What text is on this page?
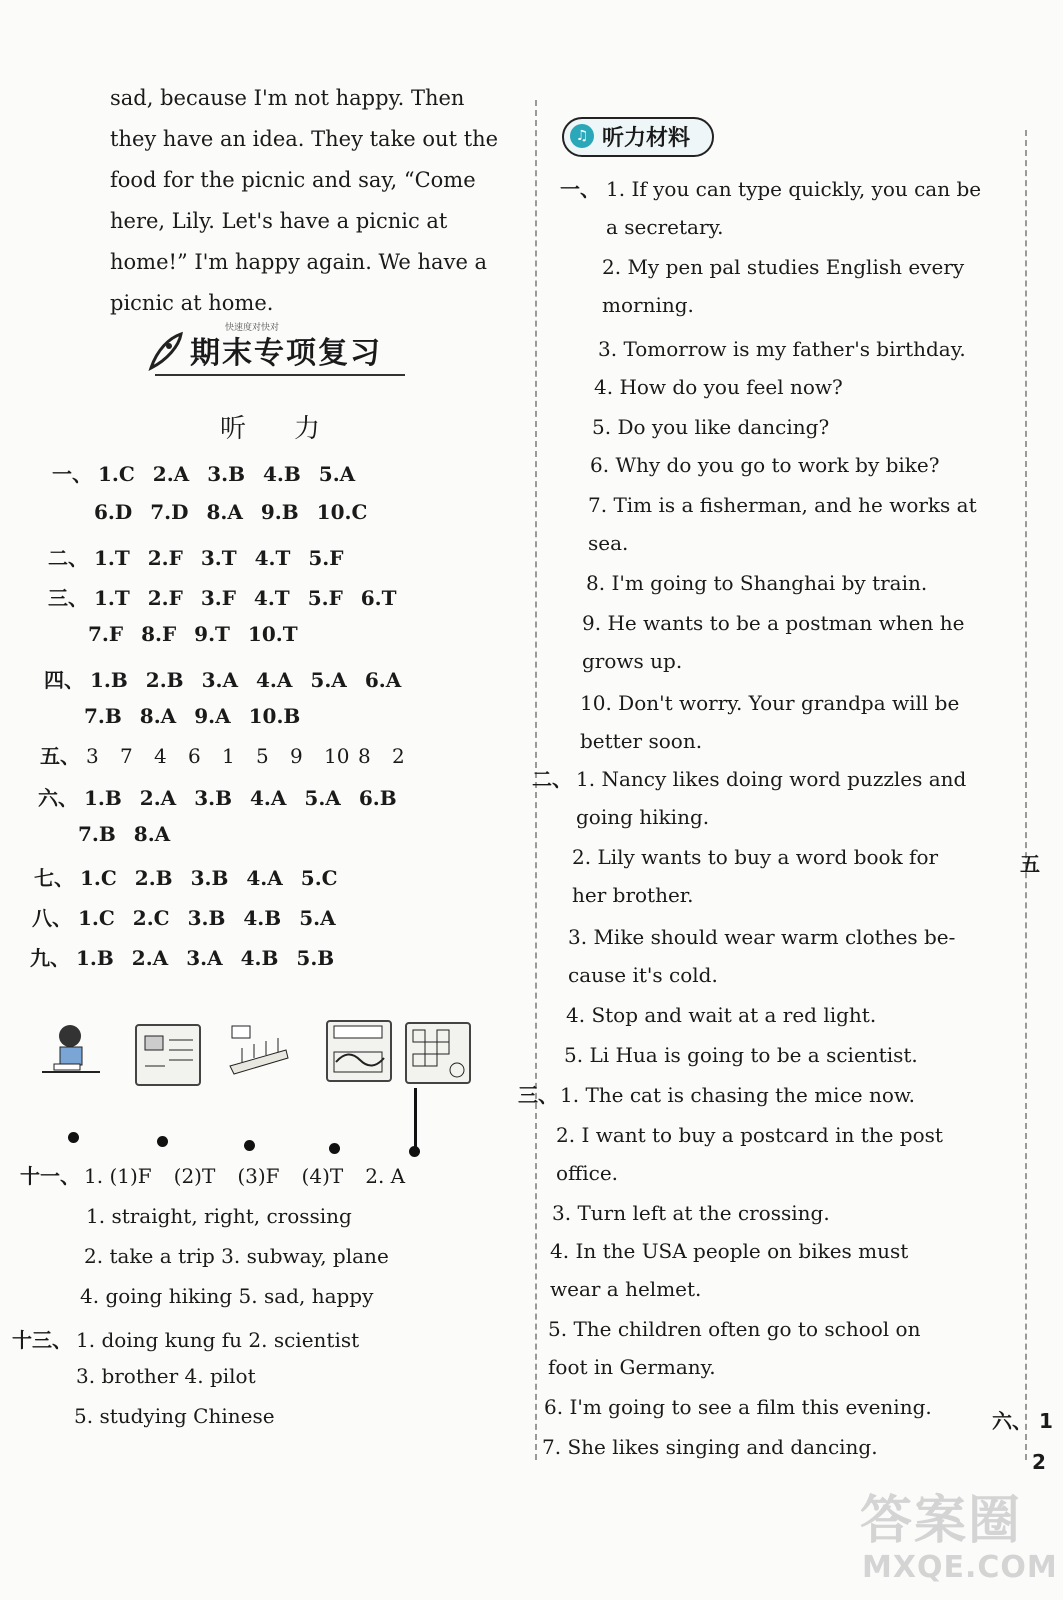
sad, because I'm not happy. Then they have an idea. They take out the food for the picnic and say, “Come here, Lily. Let's have a picnic at home!” I'm happy again. We have a picnic at home.
快速度对快对
期末专项复习
听力
一、 1.C 2.A 3.B 4.B 5.A
6.D 7.D 8.A 9.B 10.C
二、 1.T 2.F 3.T 4.T 5.F
三、 1.T 2.F 3.F 4.T 5.F 6.T
7.F 8.F 9.T 10.T
四、 1.B 2.B 3.A 4.A 5.A 6.A
7.B 8.A 9.A 10.B
六、 1.B 2.A 3.B 4.A 5.A 6.B
7.B 8.A
七、 1.C 2.B 3.B 4.A 5.C
八、 1.C 2.C 3.B 4.B 5.A
九、 1.B 2.A 3.A 4.B 5.B
五、 3 7 4 6 1 5 9 10 8 2
十一、 1. (1)F (2)T (3)F (4)T 2. A
1. straight, right, crossing
2. take a trip 3. subway, plane
4. going hiking 5. sad, happy
十三、 1. doing kung fu 2. scientist
3. brother 4. pilot
5. studying Chinese
♫ 听力材料
一、 1. If you can type quickly, you can be a secretary.
2. My pen pal studies English every morning.
3. Tomorrow is my father's birthday.
4. How do you feel now?
5. Do you like dancing?
6. Why do you go to work by bike?
7. Tim is a fisherman, and he works at sea.
8. I'm going to Shanghai by train.
9. He wants to be a postman when he grows up.
10. Don't worry. Your grandpa will be better soon.
二、 1. Nancy likes doing word puzzles and going hiking.
2. Lily wants to buy a word book for her brother.
3. Mike should wear warm clothes be- cause it's cold.
4. Stop and wait at a red light.
5. Li Hua is going to be a scientist.
三、 1. The cat is chasing the mice now.
2. I want to buy a postcard in the post office.
3. Turn left at the crossing.
4. In the USA people on bikes must wear a helmet.
5. The children often go to school on foot in Germany.
6. I'm going to see a film this evening.
7. She likes singing and dancing.
五
六、 1
2
答案圈
MXQE.COM
